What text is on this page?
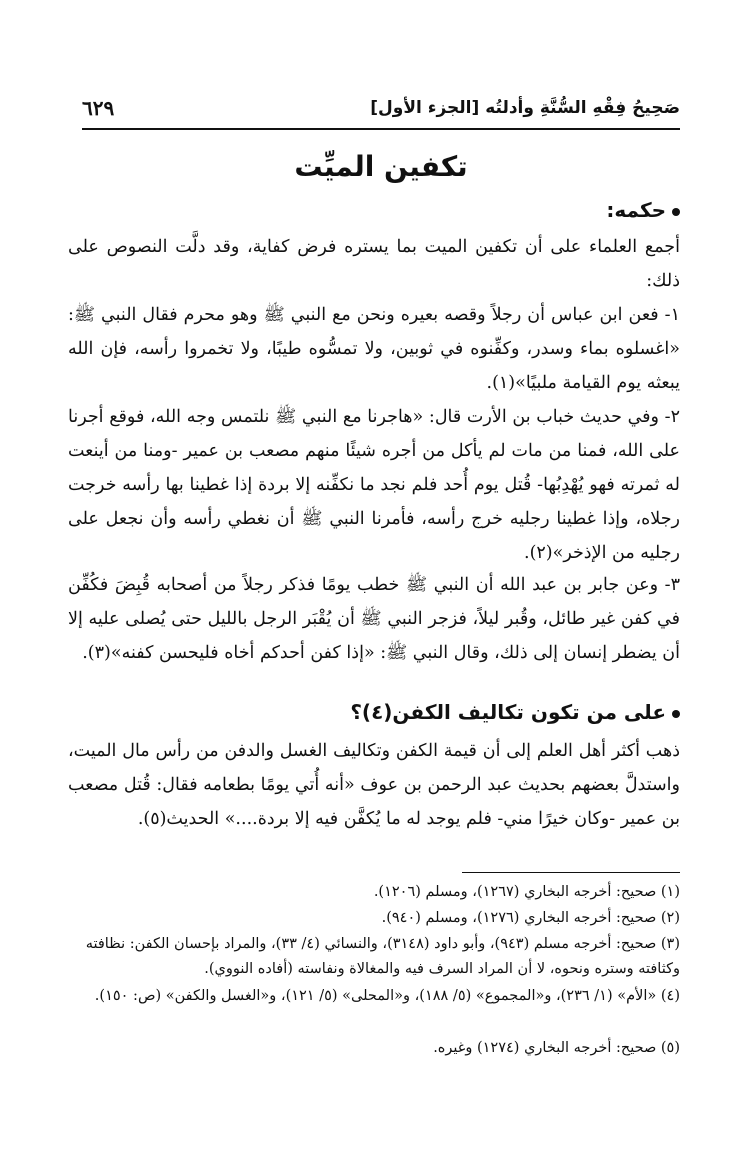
صَحِيحُ فِقْهِ السُّنَّةِ وأدلتُه [الجزء الأول]
٦٢٩
تكفين الميِّت
حكمه:
أجمع العلماء على أن تكفين الميت بما يستره فرض كفاية، وقد دلَّت النصوص على ذلك:
١- فعن ابن عباس أن رجلاً وقصه بعيره ونحن مع النبي ﷺ وهو محرم فقال النبي ﷺ: «اغسلوه بماء وسدر، وكفِّنوه في ثوبين، ولا تمسُّوه طيبًا، ولا تخمروا رأسه، فإن الله يبعثه يوم القيامة ملبيًا»(١).
٢- وفي حديث خباب بن الأرت قال: «هاجرنا مع النبي ﷺ نلتمس وجه الله، فوقع أجرنا على الله، فمنا من مات لم يأكل من أجره شيئًا منهم مصعب بن عمير -ومنا من أينعت له ثمرته فهو يُهْدِبُها- قُتل يوم أُحد فلم نجد ما نكفِّنه إلا بردة إذا غطينا بها رأسه خرجت رجلاه، وإذا غطينا رجليه خرج رأسه، فأمرنا النبي ﷺ أن نغطي رأسه وأن نجعل على رجليه من الإذخر»(٢).
٣- وعن جابر بن عبد الله أن النبي ﷺ خطب يومًا فذكر رجلاً من أصحابه قُبِضَ فكُفِّن في كفن غير طائل، وقُبر ليلاً، فزجر النبي ﷺ أن يُقْبَر الرجل بالليل حتى يُصلى عليه إلا أن يضطر إنسان إلى ذلك، وقال النبي ﷺ: «إذا كفن أحدكم أخاه فليحسن كفنه»(٣).
على من تكون تكاليف الكفن(٤)؟
ذهب أكثر أهل العلم إلى أن قيمة الكفن وتكاليف الغسل والدفن من رأس مال الميت، واستدلَّ بعضهم بحديث عبد الرحمن بن عوف «أنه أُتي يومًا بطعامه فقال: قُتل مصعب بن عمير -وكان خيرًا مني- فلم يوجد له ما يُكفَّن فيه إلا بردة....» الحديث(٥).
(١) صحيح: أخرجه البخاري (١٢٦٧)، ومسلم (١٢٠٦).
(٢) صحيح: أخرجه البخاري (١٢٧٦)، ومسلم (٩٤٠).
(٣) صحيح: أخرجه مسلم (٩٤٣)، وأبو داود (٣١٤٨)، والنسائي (٤/ ٣٣)، والمراد بإحسان الكفن: نظافته وكثافته وستره ونحوه، لا أن المراد السرف فيه والمغالاة ونفاسته (أفاده النووي).
(٤) «الأم» (١/ ٢٣٦)، و«المجموع» (٥/ ١٨٨)، و«المحلى» (٥/ ١٢١)، و«الغسل والكفن» (ص: ١٥٠).
(٥) صحيح: أخرجه البخاري (١٢٧٤) وغيره.
